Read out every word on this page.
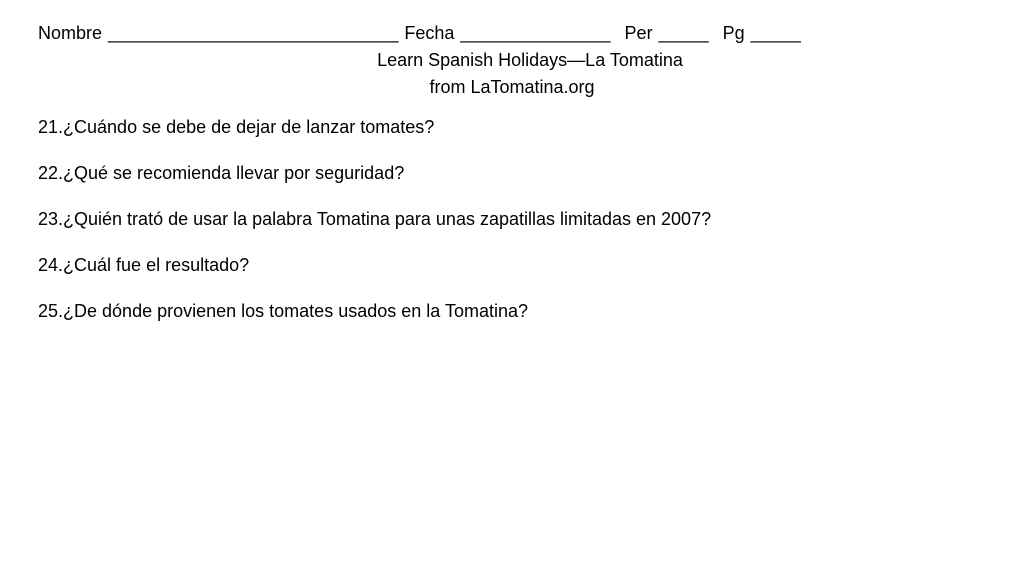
Nombre _____________________________ Fecha _______________ Per _____ Pg _____
Learn Spanish Holidays—La Tomatina
from LaTomatina.org
21.¿Cuándo se debe de dejar de lanzar tomates?
22.¿Qué se recomienda llevar por seguridad?
23.¿Quién trató de usar la palabra Tomatina para unas zapatillas limitadas en 2007?
24.¿Cuál fue el resultado?
25.¿De dónde provienen los tomates usados en la Tomatina?
